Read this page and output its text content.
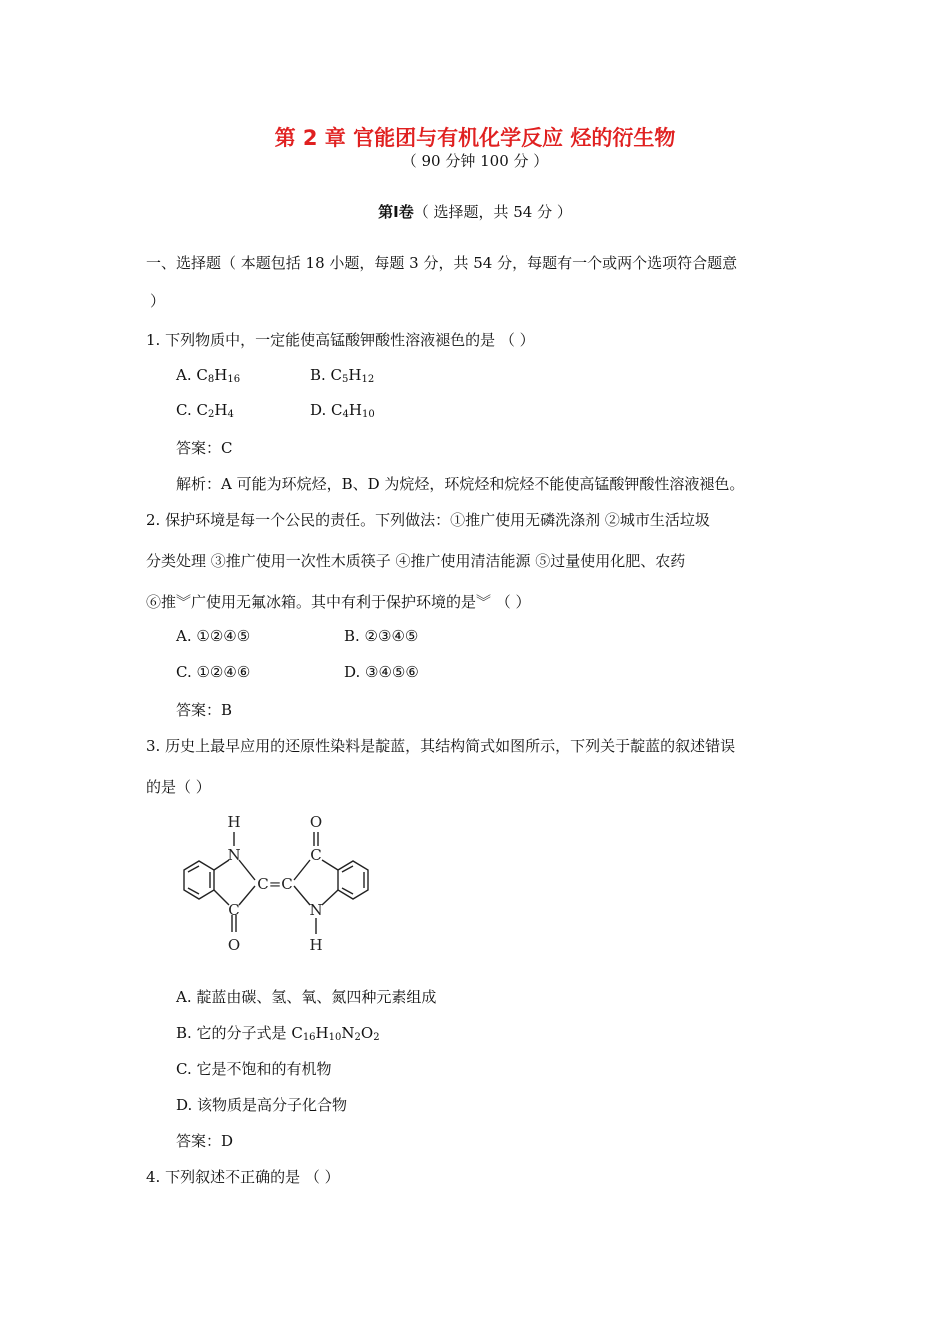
第 2 章 官能团与有机化学反应 烃的衍生物
（ 90 分钟 100 分 ）
第Ⅰ卷（ 选择题，共 54 分 ）
一、选择题（ 本题包括 18 小题，每题 3 分，共 54 分，每题有一个或两个选项符合题意
）
1. 下列物质中，一定能使高锰酸钾酸性溶液褪色的是 （ ）
A. $C_8H_{16}$	B. $C_5H_{12}$
C. $C_2H_4$	D. $C_4H_{10}$
答案：C
解析：A 可能为环烷烃，B、D 为烷烃，环烷烃和烷烃不能使高锰酸钾酸性溶液褪色。
2. 保护环境是每一个公民的责任。下列做法：①推广使用无磷洗涤剂 ②城市生活垃圾
分类处理 ③推广使用一次性木质筷子 ④推广使用清洁能源 ⑤过量使用化肥、农药
⑥推︾广使用无氟冰箱。其中有利于保护环境的是︾ （ ）
A. ①②④⑤	B. ②③④⑤
C. ①②④⑥	D. ③④⑤⑥
答案：B
3. 历史上最早应用的还原性染料是靛蓝，其结构简式如图所示，下列关于靛蓝的叙述错误
的是（ ）
H
N
C=C
C
O
O
C
N
H
A. 靛蓝由碳、氢、氧、氮四种元素组成
B. 它的分子式是 $C_{16}H_{10}N_2O_2$
C. 它是不饱和的有机物
D. 该物质是高分子化合物
答案：D
4. 下列叙述不正确的是 （ ）
